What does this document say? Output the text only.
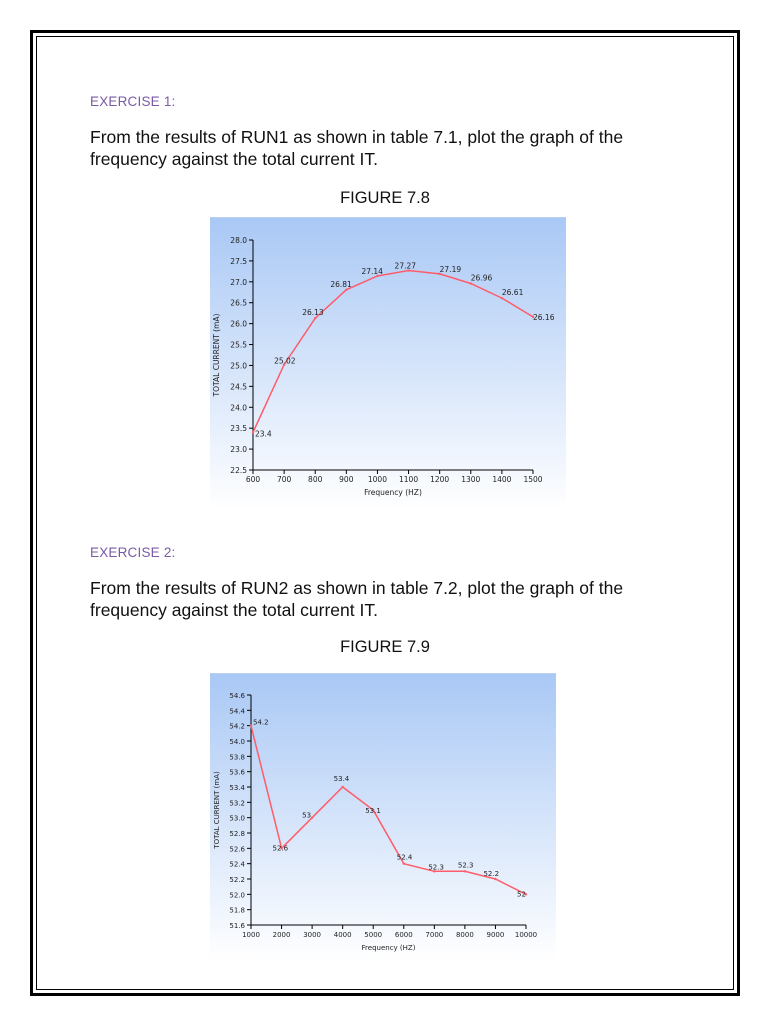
EXERCISE 1:
From the results of RUN1 as shown in table 7.1, plot the graph of the
frequency against the total current IT.
FIGURE 7.8
22.5
23.0
23.5
24.0
24.5
25.0
25.5
26.0
26.5
27.0
27.5
28.0
600 700 800 900 1000 1100 1200 1300 1400 1500
Frequency (HZ)
TOTAL CURRENT (mA)
23.4
25.02
26.13
26.81
27.14
27.27	27.19
26.96
26.61
26.16
EXERCISE 2:
From the results of RUN2 as shown in table 7.2, plot the graph of the
frequency against the total current IT.
FIGURE 7.9
51.6
51.8
52.0
52.2
52.4
52.6
52.8
53.0
53.2
53.4
53.6
53.8
54.0
54.2
54.4
54.6
1000 2000 3000 4000 5000 6000 7000 8000 9000 10000
Frequency (HZ)
TOTAL CURRENT (mA)
54.2
52.6
53
53.4
53.1
52.4
52.3 52.3
52.2
52
